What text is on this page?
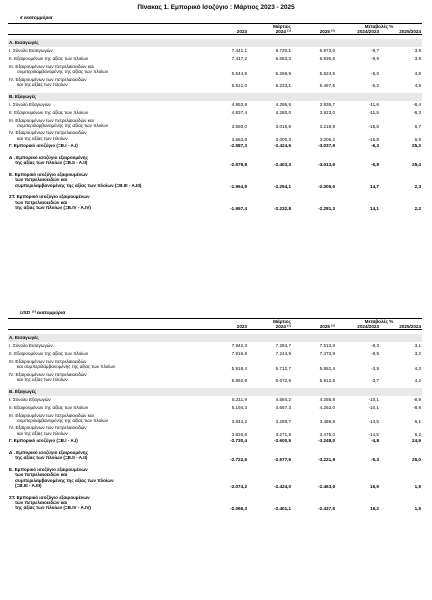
Πίνακας 1. Εμπορικό Ισοζύγιο : Μάρτιος 2023 - 2025
€ εκατομμύρια
		Μάρτιος		Μεταβολές %	
	2023	2024 ⁽¹⁾	2025 ⁽²⁾	2024/2023	2025/2024

Α. Εισαγωγές					

I. Σύνολο Εισαγωγών	7.441,1	6.720,1	6.973,6	-9,7	3,8

II. Εξαιρουμένων της αξίας των πλοίων	7.417,2	6.683,3	6.936,6	-9,9	3,8

III. Εξαιρουμένων των πετρελαιοειδών και
συμπεριλαμβανομένης της αξίας των πλοίων	5.544,9	5.269,9	5.524,5	-5,0	4,8

IV. Εξαιρουμένων των πετρελαιοειδών
και της αξίας των πλοίων	5.521,0	5.233,1	5.487,5	-5,2	4,9

Β. Εξαγωγές					

I. Σύνολο Εξαγωγών	4.853,8	4.295,5	3.935,7	-11,6	-8,4

II. Εξαιρουμένων της αξίας των πλοίων	4.837,4	4.280,0	3.923,0	-11,5	-8,3

III. Εξαιρουμένων των πετρελαιοειδών και
συμπεριλαμβανομένης της αξίας των πλοίων	3.580,0	3.015,8	3.218,9	-15,8	6,7

IV. Εξαιρουμένων των πετρελαιοειδών
και της αξίας των πλοίων	3.563,6	3.000,3	3.206,2	-15,8	6,9

Γ. Εμπορικό ισοζύγιο (=Β.I - A.I)	-2.587,3	-2.424,6	-3.037,9	-6,3	25,3

Δ . Εμπορικό ισοζύγιο εξαιρουμένης
της αξίας των πλοίων (=B.II - A.II)	-2.579,8	-2.403,3	-3.013,6	-6,8	25,4

Ε. Εμπορικό ισοζύγιο εξαιρουμένων
των πετρελαιοειδών και
συμπεριλαμβανομένης της αξίας των πλοίων (=B.III - A.III)	-1.964,9	-2.254,1	-2.305,6	14,7	2,3

ΣΤ. Εμπορικό ισοζύγιο εξαιρουμένων
των πετρελαιοειδών και
της αξίας των πλοίων (=B.IV - A.IV)	-1.957,4	-2.232,8	-2.281,3	14,1	2,2

USD ⁽³⁾ εκατομμύρια
		Μάρτιος		Μεταβολές %	
	2023	2024 ⁽¹⁾	2025 ⁽²⁾	2024/2023	2025/2024

Α. Εισαγωγές					

I. Σύνολο Εισαγωγών	7.942,3	7.284,7	7.513,8	-8,3	3,1

II. Εξαιρουμένων της αξίας των πλοίων	7.916,8	7.244,9	7.473,9	-8,5	3,2

III. Εξαιρουμένων των πετρελαιοειδών
και συμπεριλαμβανομένης της αξίας των πλοίων	5.918,4	5.712,7	5.952,4	-3,5	4,2

IV. Εξαιρουμένων των πετρελαιοειδών
και της αξίας των πλοίων	5.892,9	5.672,9	5.912,5	-3,7	4,2

Β. Εξαγωγές					

I. Σύνολο Εξαγωγών	5.211,9	4.684,2	4.265,8	-10,1	-8,9

II. Εξαιρουμένων της αξίας των πλοίων	5.194,3	4.667,3	4.252,0	-10,1	-8,9

III. Εξαιρουμένων των πετρελαιοειδών και
συμπεριλαμβανομένης της αξίας των πλοίων	3.844,2	3.288,7	3.488,8	-14,5	6,1

IV. Εξαιρουμένων των πετρελαιοειδών
και της αξίας των πλοίων	3.826,6	3.271,8	3.475,0	-14,5	6,2

Γ. Εμπορικό ισοζύγιο (=Β.I - A.I)	-2.730,4	-2.600,5	-3.248,0	-4,8	24,9

Δ . Εμπορικό ισοζύγιο εξαιρουμένης
της αξίας των πλοίων (=B.II - A.II)	-2.722,5	-2.577,6	-3.221,9	-5,3	25,0

Ε. Εμπορικό ισοζύγιο εξαιρουμένων
των πετρελαιοειδών και
συμπεριλαμβανομένης της αξίας των πλοίων
(=B.III - A.III)	-2.074,2	-2.424,0	-2.463,6	16,9	1,6

ΣΤ. Εμπορικό ισοζύγιο εξαιρουμένων
των πετρελαιοειδών και
της αξίας των πλοίων (=B.IV - A.IV)	-2.066,3	-2.401,1	-2.437,5	16,2	1,5
